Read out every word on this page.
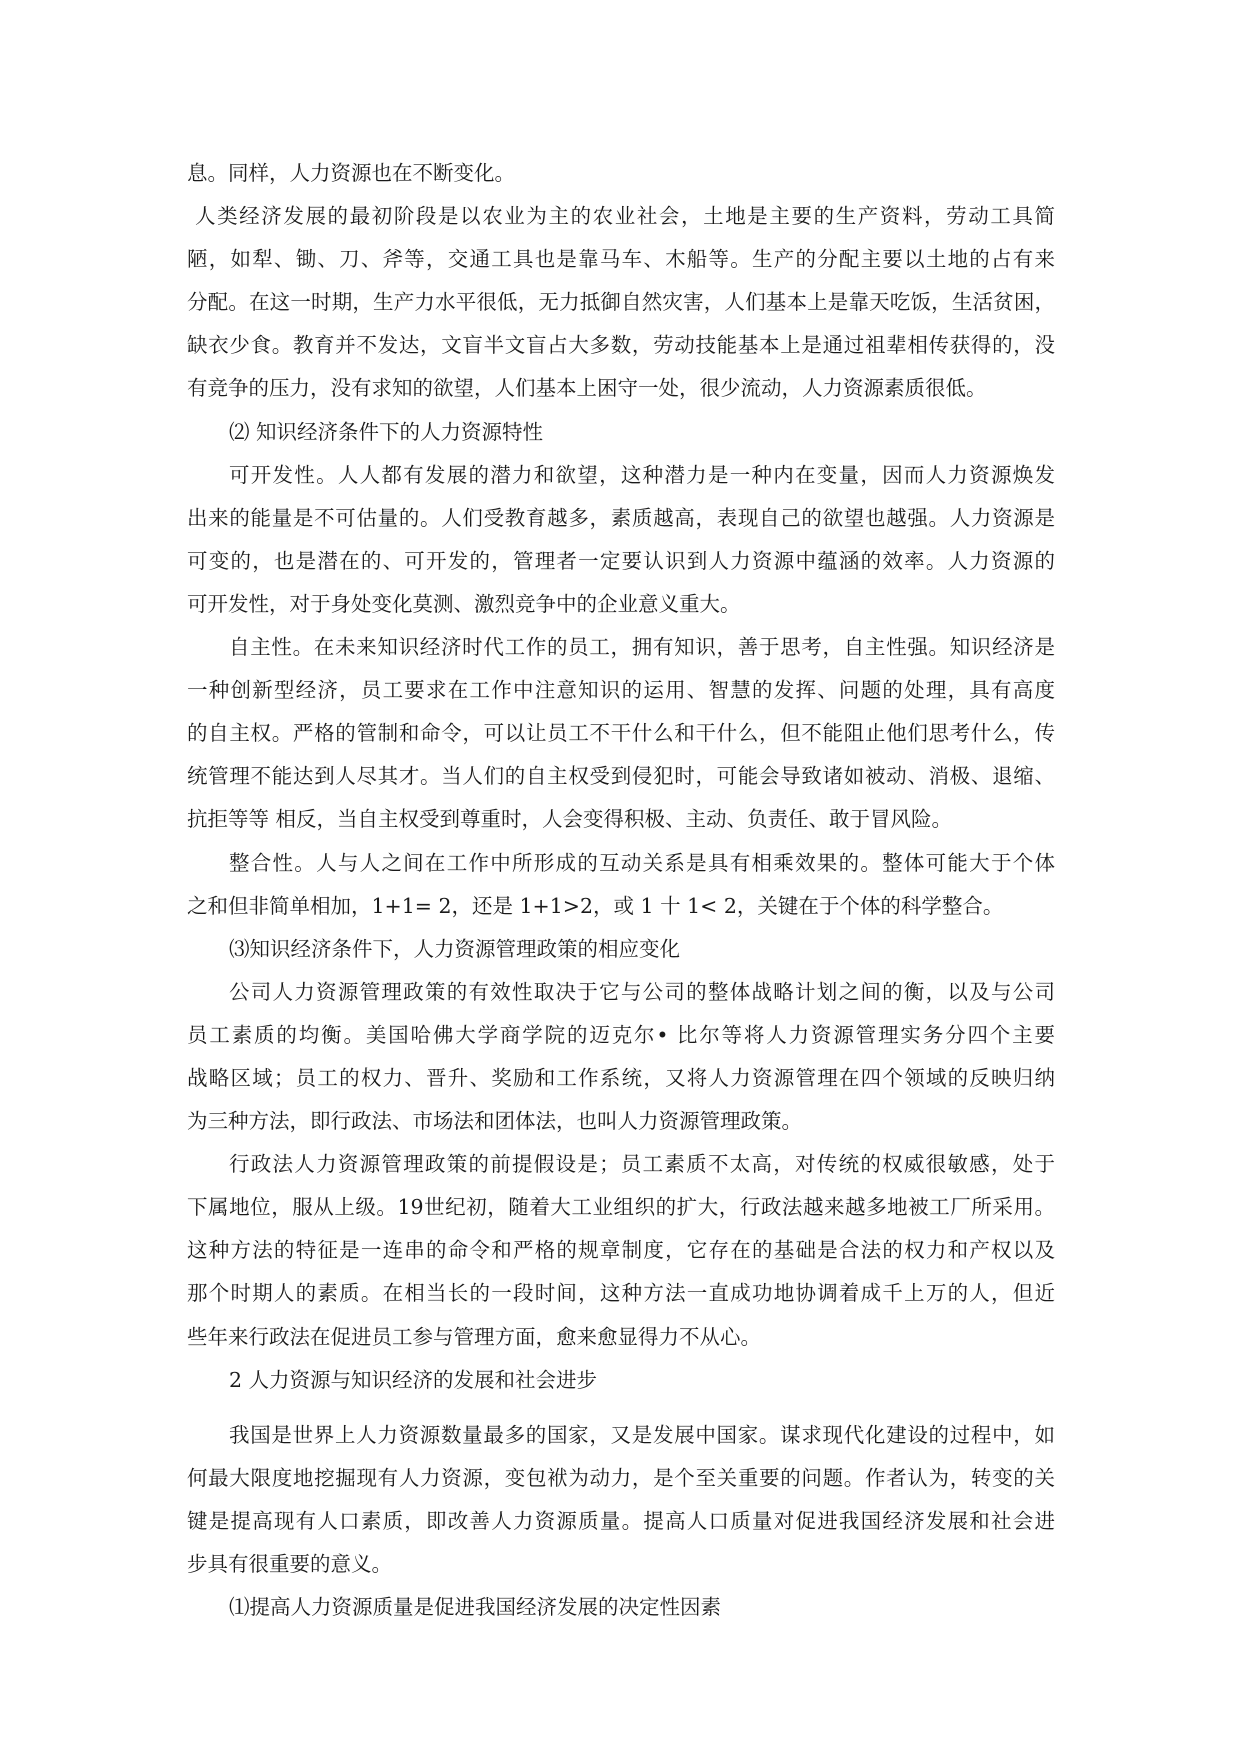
息。同样，人力资源也在不断变化。
人类经济发展的最初阶段是以农业为主的农业社会，土地是主要的生产资料，劳动工具简
陋，如犁、锄、刀、斧等，交通工具也是靠马车、木船等。生产的分配主要以土地的占有来
分配。在这一时期，生产力水平很低，无力抵御自然灾害，人们基本上是靠天吃饭，生活贫困，
缺衣少食。教育并不发达，文盲半文盲占大多数，劳动技能基本上是通过祖辈相传获得的，没
有竞争的压力，没有求知的欲望，人们基本上困守一处，很少流动，人力资源素质很低。
⑵ 知识经济条件下的人力资源特性
可开发性。人人都有发展的潜力和欲望，这种潜力是一种内在变量，因而人力资源焕发
出来的能量是不可估量的。人们受教育越多，素质越高，表现自己的欲望也越强。人力资源是
可变的，也是潜在的、可开发的，管理者一定要认识到人力资源中蕴涵的效率。人力资源的
可开发性，对于身处变化莫测、激烈竞争中的企业意义重大。
自主性。在未来知识经济时代工作的员工，拥有知识，善于思考，自主性强。知识经济是
一种创新型经济，员工要求在工作中注意知识的运用、智慧的发挥、问题的处理，具有高度
的自主权。严格的管制和命令，可以让员工不干什么和干什么，但不能阻止他们思考什么，传
统管理不能达到人尽其才。当人们的自主权受到侵犯时，可能会导致诸如被动、消极、退缩、
抗拒等等 相反，当自主权受到尊重时，人会变得积极、主动、负责任、敢于冒风险。
整合性。人与人之间在工作中所形成的互动关系是具有相乘效果的。整体可能大于个体
之和但非简单相加，1+1= 2，还是 1+1>2，或 1 十 1< 2，关键在于个体的科学整合。
⑶知识经济条件下，人力资源管理政策的相应变化
公司人力资源管理政策的有效性取决于它与公司的整体战略计划之间的衡，以及与公司
员工素质的均衡。美国哈佛大学商学院的迈克尔• 比尔等将人力资源管理实务分四个主要
战略区域；员工的权力、晋升、奖励和工作系统，又将人力资源管理在四个领域的反映归纳
为三种方法，即行政法、市场法和团体法，也叫人力资源管理政策。
行政法人力资源管理政策的前提假设是；员工素质不太高，对传统的权威很敏感，处于
下属地位，服从上级。19世纪初，随着大工业组织的扩大，行政法越来越多地被工厂所采用。
这种方法的特征是一连串的命令和严格的规章制度，它存在的基础是合法的权力和产权以及
那个时期人的素质。在相当长的一段时间，这种方法一直成功地协调着成千上万的人，但近
些年来行政法在促进员工参与管理方面，愈来愈显得力不从心。
2 人力资源与知识经济的发展和社会进步
我国是世界上人力资源数量最多的国家，又是发展中国家。谋求现代化建设的过程中，如
何最大限度地挖掘现有人力资源，变包袱为动力，是个至关重要的问题。作者认为，转变的关
键是提高现有人口素质，即改善人力资源质量。提高人口质量对促进我国经济发展和社会进
步具有很重要的意义。
⑴提高人力资源质量是促进我国经济发展的决定性因素
